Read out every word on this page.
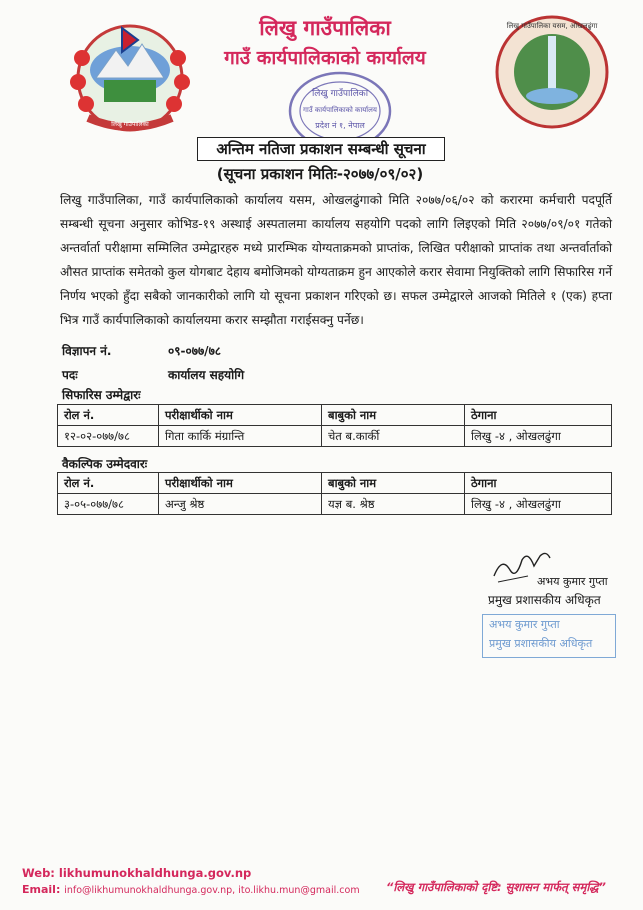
लिखु गाउँपालिका
लिखु गाउँपालिका
गाउँ कार्यपालिकाको कार्यालय
लिखु गाउँपालिका यसम, ओखलढुंगा
लिखु गाउँपालिका
गाउँ कार्यपालिकाको कार्यालय
प्रदेश नं १, नेपाल
अन्तिम नतिजा प्रकाशन सम्बन्धी सूचना
(सूचना प्रकाशन मितिः-२०७७/०९/०२)
लिखु गाउँपालिका, गाउँ कार्यपालिकाको कार्यालय यसम, ओखलढुंगाको मिति २०७७/०६/०२ को करारमा कर्मचारी पदपूर्ति सम्बन्धी सूचना अनुसार कोभिड-१९ अस्थाई अस्पतालमा कार्यालय सहयोगि पदको लागि लिइएको मिति २०७७/०९/०१ गतेको अन्तर्वार्ता परीक्षामा सम्मिलित उम्मेद्वारहरु मध्ये प्रारम्भिक योग्यताक्रमको प्राप्तांक, लिखित परीक्षाको प्राप्तांक तथा अन्तर्वार्ताको औसत प्राप्तांक समेतको कुल योगबाट देहाय बमोजिमको योग्यताक्रम हुन आएकोले करार सेवामा नियुक्तिको लागि सिफारिस गर्ने निर्णय भएको हुँदा सबैको जानकारीको लागि यो सूचना प्रकाशन गरिएको छ। सफल उम्मेद्वारले आजको मितिले १ (एक) हप्ता भित्र गाउँ कार्यपालिकाको कार्यालयमा करार सम्झौता गराईसक्नु पर्नेछ।
विज्ञापन नं.	०९-०७७/७८
पदः	कार्यालय सहयोगि
सिफारिस उम्मेद्वारः
रोल नं.	परीक्षार्थीको नाम	बाबुको नाम	ठेगाना
१२-०२-०७७/७८	गिता कार्कि मंग्रान्ति	चेत ब.कार्की	लिखु -४ , ओखलढुंगा
वैकल्पिक उम्मेदवारः
रोल नं.	परीक्षार्थीको नाम	बाबुको नाम	ठेगाना
३-०५-०७७/७८	अन्जु श्रेष्ठ	यज्ञ ब. श्रेष्ठ	लिखु -४ , ओखलढुंगा
अभय कुमार गुप्ता
प्रमुख प्रशासकीय अधिकृत
अभय कुमार गुप्ता
प्रमुख प्रशासकीय अधिकृत
Web: likhumunokhaldhunga.gov.np
Email: info@likhumunokhaldhunga.gov.np, ito.likhu.mun@gmail.com “लिखु गाउँपालिकाको दृष्टि: सुशासन मार्फत् समृद्धि”
